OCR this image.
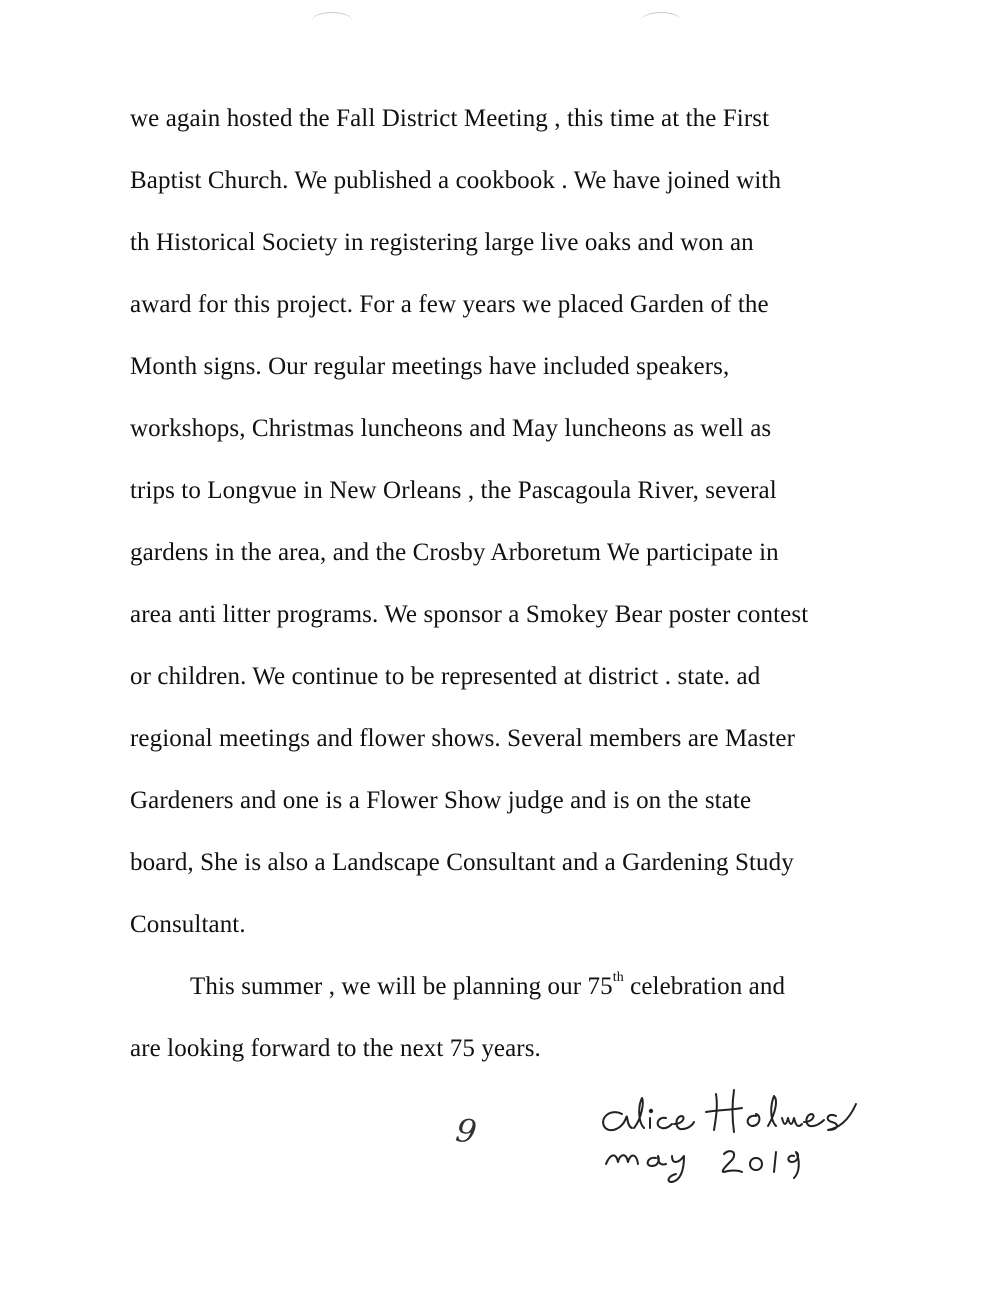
we again hosted the Fall District Meeting , this time at the First
Baptist Church. We published a cookbook . We have joined with
th Historical Society in registering large live oaks and won an
award for this project. For a few years we placed Garden of the
Month signs. Our regular meetings have included speakers,
workshops, Christmas luncheons and May luncheons as well as
trips to Longvue in New Orleans , the Pascagoula River, several
gardens in the area, and the Crosby Arboretum We participate in
area anti litter programs. We sponsor a Smokey Bear poster contest
or children. We continue to be represented at district . state. ad
regional meetings and flower shows. Several members are Master
Gardeners and one is a Flower Show judge and is on the state
board, She is also a Landscape Consultant and a Gardening Study
Consultant.
This summer , we will be planning our 75th celebration and
are looking forward to the next 75 years.
9
